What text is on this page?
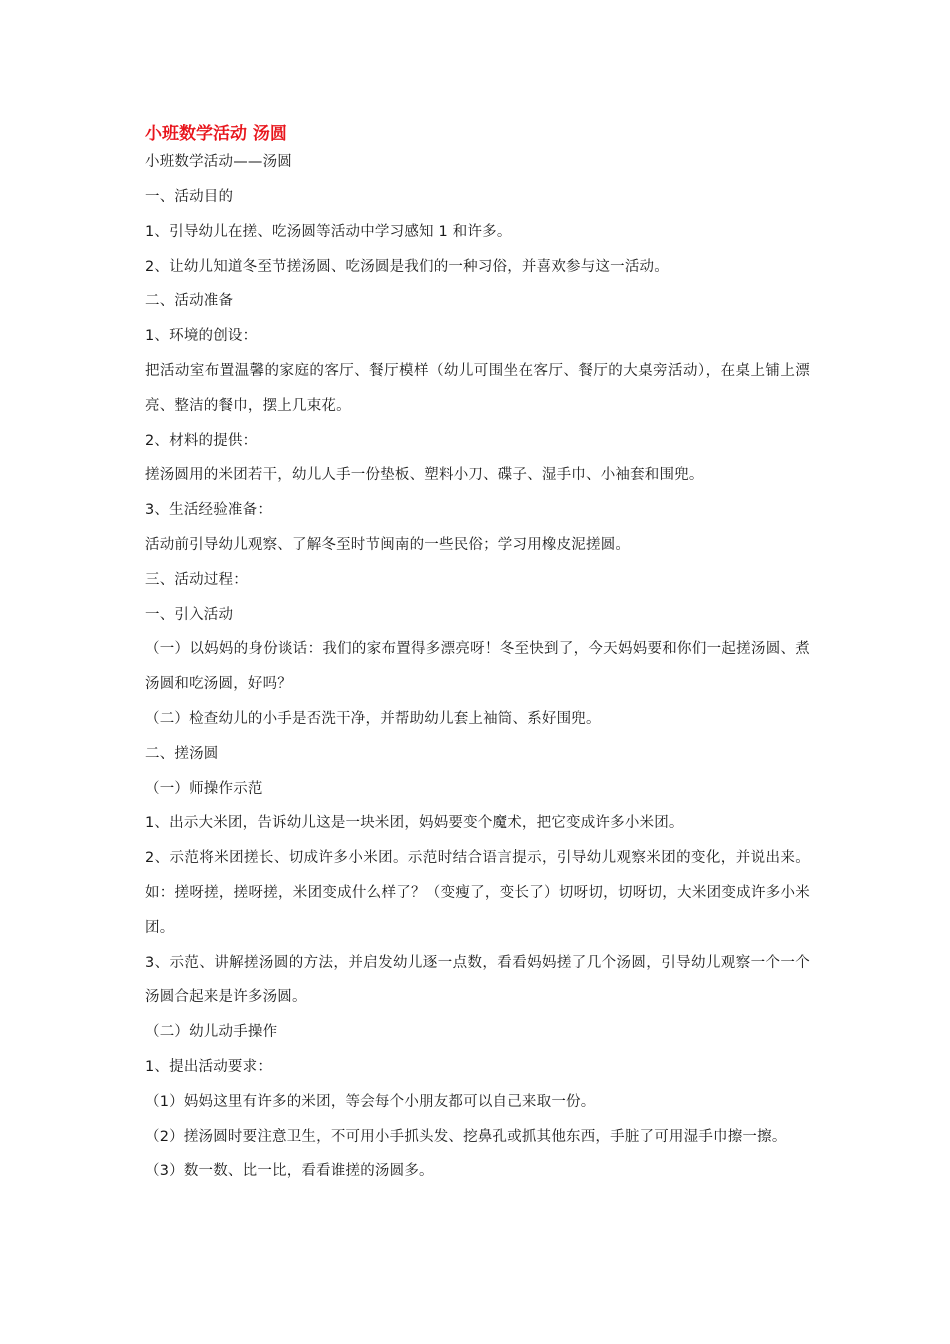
小班数学活动 汤圆

小班数学活动——汤圆

一、活动目的

1、引导幼儿在搓、吃汤圆等活动中学习感知 1 和许多。

2、让幼儿知道冬至节搓汤圆、吃汤圆是我们的一种习俗，并喜欢参与这一活动。

二、活动准备

1、环境的创设：

把活动室布置温馨的家庭的客厅、餐厅模样（幼儿可围坐在客厅、餐厅的大桌旁活动），在桌上铺上漂亮、整洁的餐巾，摆上几束花。

2、材料的提供：

搓汤圆用的米团若干，幼儿人手一份垫板、塑料小刀、碟子、湿手巾、小袖套和围兜。

3、生活经验准备：

活动前引导幼儿观察、了解冬至时节闽南的一些民俗；学习用橡皮泥搓圆。

三、活动过程：

一、引入活动

（一）以妈妈的身份谈话：我们的家布置得多漂亮呀！冬至快到了，今天妈妈要和你们一起搓汤圆、煮汤圆和吃汤圆，好吗？

（二）检查幼儿的小手是否洗干净，并帮助幼儿套上袖筒、系好围兜。

二、搓汤圆

（一）师操作示范

1、出示大米团，告诉幼儿这是一块米团，妈妈要变个魔术，把它变成许多小米团。

2、示范将米团搓长、切成许多小米团。示范时结合语言提示，引导幼儿观察米团的变化，并说出来。如：搓呀搓，搓呀搓，米团变成什么样了？（变瘦了，变长了）切呀切，切呀切，大米团变成许多小米团。

3、示范、讲解搓汤圆的方法，并启发幼儿逐一点数，看看妈妈搓了几个汤圆，引导幼儿观察一个一个汤圆合起来是许多汤圆。

（二）幼儿动手操作

1、提出活动要求：

（1）妈妈这里有许多的米团，等会每个小朋友都可以自己来取一份。

（2）搓汤圆时要注意卫生，不可用小手抓头发、挖鼻孔或抓其他东西，手脏了可用湿手巾擦一擦。

（3）数一数、比一比，看看谁搓的汤圆多。
